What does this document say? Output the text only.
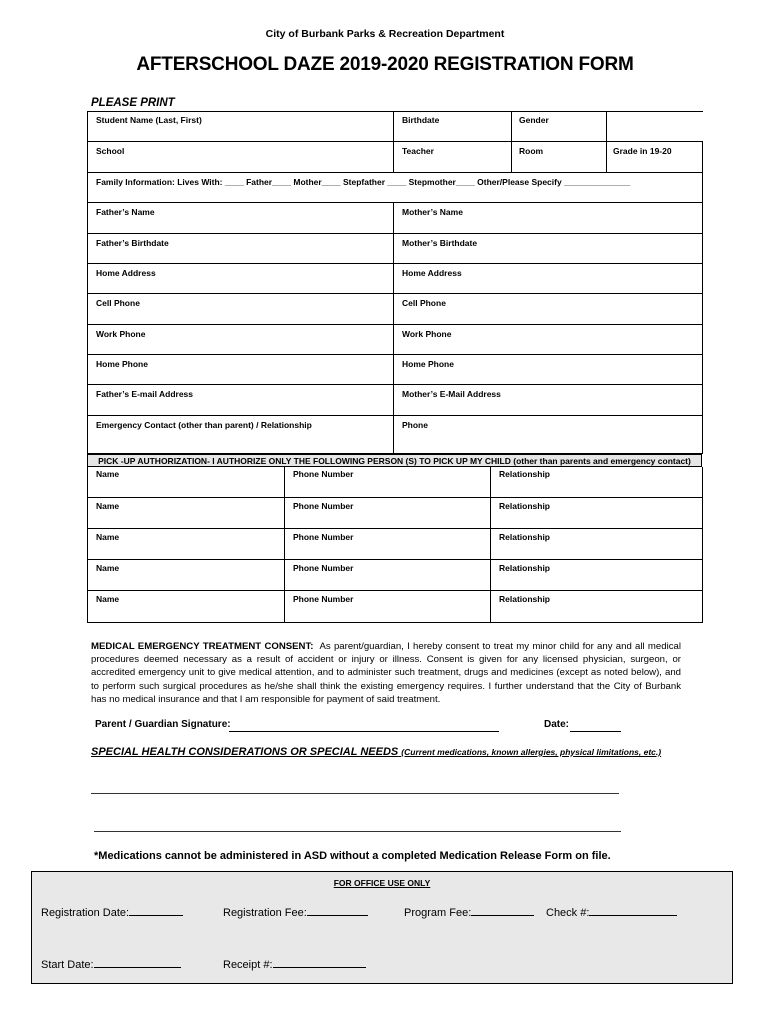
City of Burbank Parks & Recreation Department
AFTERSCHOOL DAZE 2019-2020 REGISTRATION FORM
PLEASE PRINT
Student Name (Last, First)	Birthdate	Gender
School	Teacher	Room	Grade in 19-20
Family Information: Lives With: ____ Father____ Mother____ Stepfather ____ Stepmother____ Other/Please Specify ______________
Father’s Name	Mother’s Name
Father’s Birthdate	Mother’s Birthdate
Home Address	Home Address
Cell Phone	Cell Phone
Work Phone	Work Phone
Home Phone	Home Phone
Father’s E-mail Address	Mother’s E-Mail Address
Emergency Contact (other than parent) / Relationship	Phone
PICK -UP AUTHORIZATION- I AUTHORIZE ONLY THE FOLLOWING PERSON (S) TO PICK UP MY CHILD (other than parents and emergency contact)
Name	Phone Number	Relationship
Name	Phone Number	Relationship
Name	Phone Number	Relationship
Name	Phone Number	Relationship
Name	Phone Number	Relationship
MEDICAL EMERGENCY TREATMENT CONSENT: As parent/guardian, I hereby consent to treat my minor child for any and all medical procedures deemed necessary as a result of accident or injury or illness. Consent is given for any licensed physician, surgeon, or accredited emergency unit to give medical attention, and to administer such treatment, drugs and medicines (except as noted below), and to perform such surgical procedures as he/she shall think the existing emergency requires. I further understand that the City of Burbank has no medical insurance and that I am responsible for payment of said treatment.
Parent / Guardian Signature:	Date:
SPECIAL HEALTH CONSIDERATIONS OR SPECIAL NEEDS (Current medications, known allergies, physical limitations, etc.)
*Medications cannot be administered in ASD without a completed Medication Release Form on file.
FOR OFFICE USE ONLY
Registration Date:	Registration Fee:	Program Fee:	Check #:
Start Date:	Receipt #:
